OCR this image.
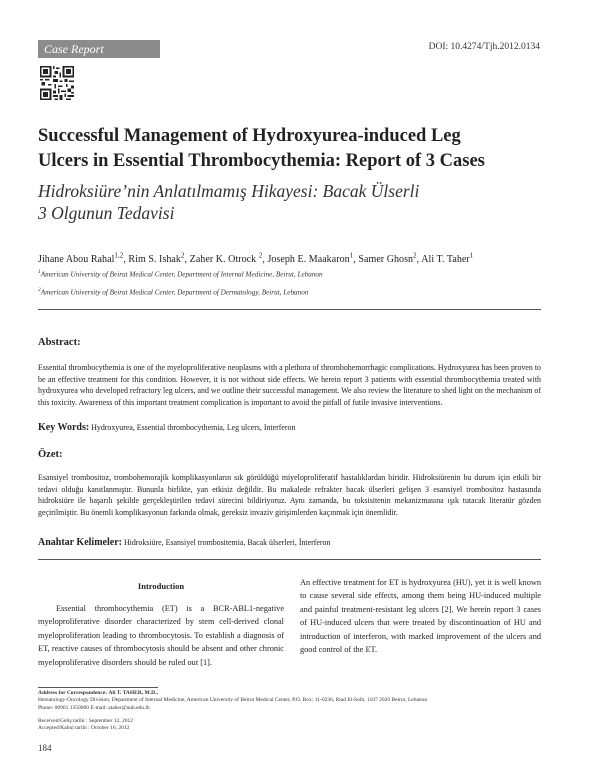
Case Report	DOI: 10.4274/Tjh.2012.0134
Successful Management of Hydroxyurea-induced Leg
Ulcers in Essential Thrombocythemia: Report of 3 Cases
Hidroksiüre’nin Anlatılmamış Hikayesi: Bacak Ülserli
3 Olgunun Tedavisi
Jihane Abou Rahal$^{1,2}$, Rim S. Ishak$^2$, Zaher K. Otrock $^2$, Joseph E. Maakaron$^1$, Samer Ghosn$^2$, Ali T. Taher$^1$
$^1$American University of Beirut Medical Center, Department of Internal Medicine, Beirut, Lebanon
$^2$American University of Beirut Medical Center, Department of Dermatology, Beirut, Lebanon
Abstract:
Essential thrombocythemia is one of the myeloproliferative neoplasms with a plethora of thrombohemorrhagic complications. Hydroxyurea has been proven to be an effective treatment for this condition. However, it is not without side effects. We herein report 3 patients with essential thrombocythemia treated with hydroxyurea who developed refractory leg ulcers, and we outline their successful management. We also review the literature to shed light on the mechanism of this toxicity. Awareness of this important treatment complication is important to avoid the pitfall of futile invasive interventions.
Key Words: Hydroxyurea, Essential thrombocythemia, Leg ulcers, Interferon
Özet:
Esansiyel trombositoz, trombohemorajik komplikasyonların sık görüldüğü miyeloproliferatif hastalıklardan biridir. Hidroksiürenin bu durum için etkili bir tedavi olduğu kanıtlanmıştır. Bununla birlikte, yan etkisiz değildir. Bu makalede refrakter bacak ülserleri gelişen 3 esansiyel trombositoz hastasında hidroksiüre ile başarılı şekilde gerçekleştirilen tedavi sürecini bildiriyoruz. Aynı zamanda, bu toksisitenin mekanizmasına ışık tutacak literatür gözden geçirilmiştir. Bu önemli komplikasyonun farkında olmak, gereksiz invaziv girişimlerden kaçınmak için önemlidir.
Anahtar Kelimeler: Hidroksiüre, Esansiyel trombositemia, Bacak ülserleri, İnterferon
Introduction
Essential thrombocythemia (ET) is a BCR-ABL1-negative myeloproliferative disorder characterized by stem cell-derived clonal myeloproliferation leading to thrombocytosis. To establish a diagnosis of ET, reactive causes of thrombocytosis should be absent and other chronic myeloproliferative disorders should be ruled out [1].
An effective treatment for ET is hydroxyurea (HU), yet it is well known to cause several side effects, among them being HU-induced multiple and painful treatment-resistant leg ulcers [2]. We herein report 3 cases of HU-induced ulcers that were treated by discontinuation of HU and introduction of interferon, with marked improvement of the ulcers and good control of the ET.
Address for Correspondence: Ali T. TAHER, M.D.,
Hematology-Oncology Division, Department of Internal Medicine, American University of Beirut Medical Center, P.O. Box: 11-0236, Riad El-Solh, 1107 2020 Beirut, Lebanon
Phone: 00961 1350000 E-mail: ataher@aub.edu.lb
Received/Geliş tarihi : September 12, 2012
Accepted/Kabul tarihi : October 16, 2012
184
